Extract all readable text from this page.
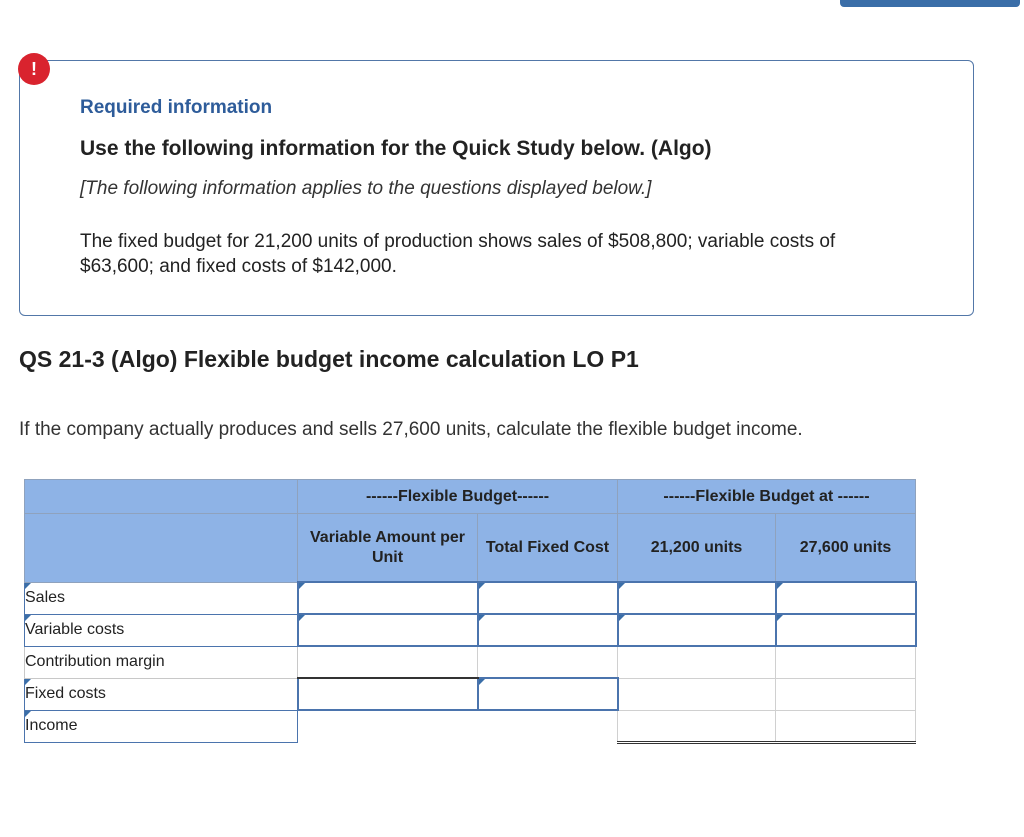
!
Required information
Use the following information for the Quick Study below. (Algo)
[The following information applies to the questions displayed below.]
The fixed budget for 21,200 units of production shows sales of $508,800; variable costs of $63,600; and fixed costs of $142,000.
QS 21-3 (Algo) Flexible budget income calculation LO P1
If the company actually produces and sells 27,600 units, calculate the flexible budget income.
	------Flexible Budget------		------Flexible Budget at ------	
	Variable Amount per Unit	Total Fixed Cost	21,200 units	27,600 units

Sales	

Variable costs	

Contribution margin				

Fixed costs		

Income				
